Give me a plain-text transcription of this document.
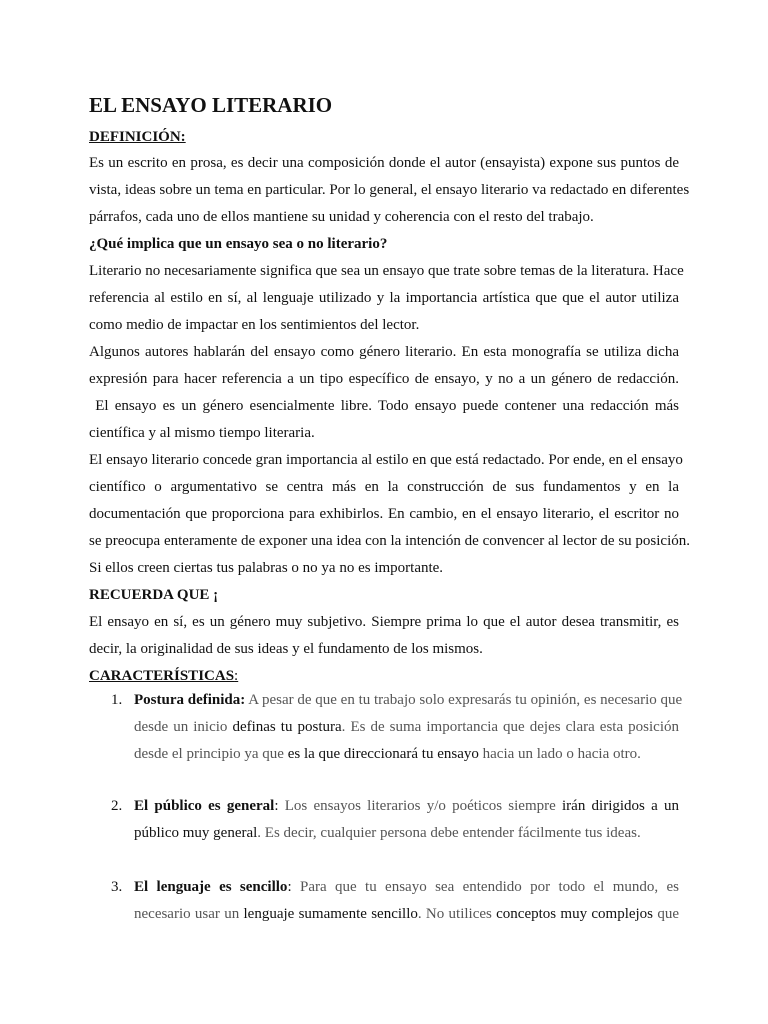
EL ENSAYO LITERARIO
DEFINICIÓN:
Es un escrito en prosa, es decir una composición donde el autor (ensayista) expone sus puntos de
vista, ideas sobre un tema en particular. Por lo general, el ensayo literario va redactado en diferentes
párrafos, cada uno de ellos mantiene su unidad y coherencia con el resto del trabajo.
¿Qué implica que un ensayo sea o no literario?
Literario no necesariamente significa que sea un ensayo que trate sobre temas de la literatura. Hace
referencia al estilo en sí, al lenguaje utilizado y la importancia artística que que el autor utiliza
como medio de impactar en los sentimientos del lector.
Algunos autores hablarán del ensayo como género literario. En esta monografía se utiliza dicha
expresión para hacer referencia a un tipo específico de ensayo, y no a un género de redacción.
El ensayo es un género esencialmente libre. Todo ensayo puede contener una redacción más
científica y al mismo tiempo literaria.
El ensayo literario concede gran importancia al estilo en que está redactado. Por ende, en el ensayo
científico o argumentativo se centra más en la construcción de sus fundamentos y en la
documentación que proporciona para exhibirlos. En cambio, en el ensayo literario, el escritor no
se preocupa enteramente de exponer una idea con la intención de convencer al lector de su posición.
Si ellos creen ciertas tus palabras o no ya no es importante.
RECUERDA QUE ¡
El ensayo en sí, es un género muy subjetivo. Siempre prima lo que el autor desea transmitir, es
decir, la originalidad de sus ideas y el fundamento de los mismos.
CARACTERÍSTICAS:
1. Postura definida: A pesar de que en tu trabajo solo expresarás tu opinión, es necesario que
desde un inicio definas tu postura. Es de suma importancia que dejes clara esta posición
desde el principio ya que es la que direccionará tu ensayo hacia un lado o hacia otro.
2. El público es general: Los ensayos literarios y/o poéticos siempre irán dirigidos a un
público muy general. Es decir, cualquier persona debe entender fácilmente tus ideas.
3. El lenguaje es sencillo: Para que tu ensayo sea entendido por todo el mundo, es
necesario usar un lenguaje sumamente sencillo. No utilices conceptos muy complejos que
